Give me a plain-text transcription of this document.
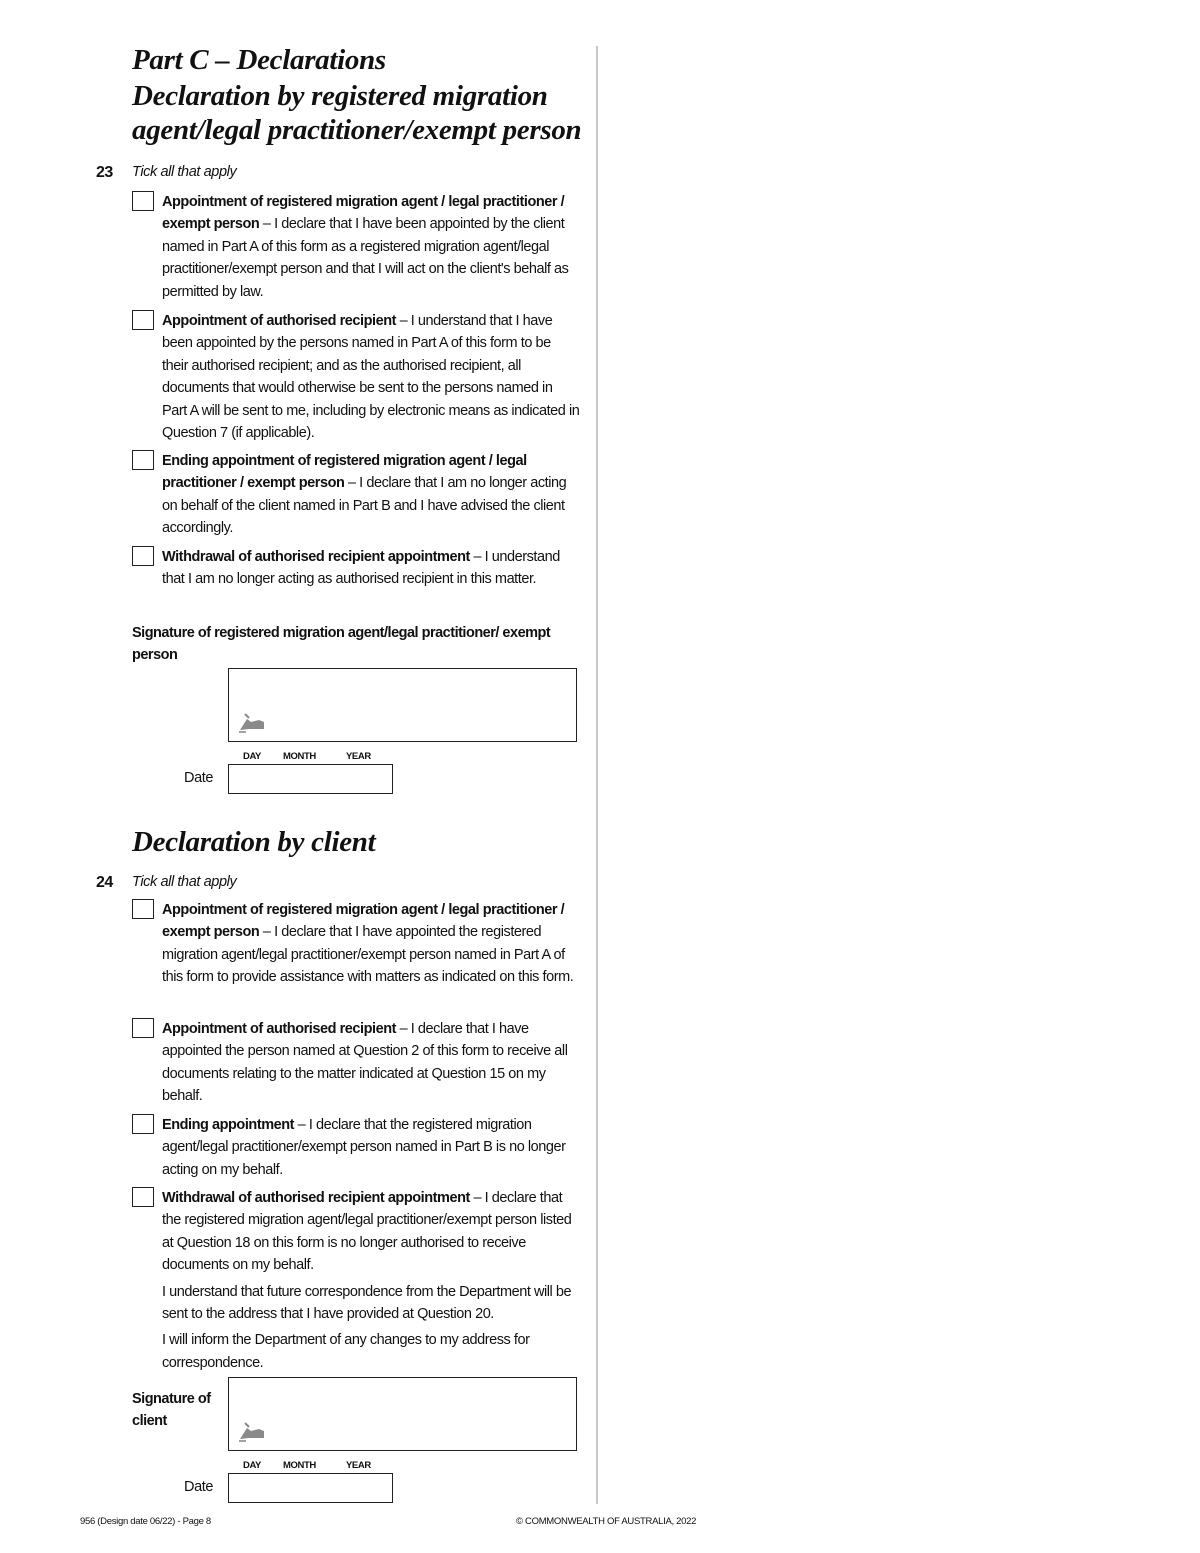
Part C – Declarations
Declaration by registered migration
agent/legal practitioner/exempt person
23 Tick all that apply
Appointment of registered migration agent / legal practitioner / exempt person – I declare that I have been appointed by the client named in Part A of this form as a registered migration agent/legal practitioner/exempt person and that I will act on the client's behalf as permitted by law.
Appointment of authorised recipient – I understand that I have been appointed by the persons named in Part A of this form to be their authorised recipient; and as the authorised recipient, all documents that would otherwise be sent to the persons named in Part A will be sent to me, including by electronic means as indicated in Question 7 (if applicable).
Ending appointment of registered migration agent / legal practitioner / exempt person – I declare that I am no longer acting on behalf of the client named in Part B and I have advised the client accordingly.
Withdrawal of authorised recipient appointment – I understand that I am no longer acting as authorised recipient in this matter.
Signature of registered migration agent/legal practitioner/ exempt person
DAY MONTH	YEAR
Date
Declaration by client
24 Tick all that apply
Appointment of registered migration agent / legal practitioner / exempt person – I declare that I have appointed the registered migration agent/legal practitioner/exempt person named in Part A of this form to provide assistance with matters as indicated on this form.
Appointment of authorised recipient – I declare that I have appointed the person named at Question 2 of this form to receive all documents relating to the matter indicated at Question 15 on my behalf.
Ending appointment – I declare that the registered migration agent/legal practitioner/exempt person named in Part B is no longer acting on my behalf.
Withdrawal of authorised recipient appointment – I declare that the registered migration agent/legal practitioner/exempt person listed at Question 18 on this form is no longer authorised to receive documents on my behalf.
I understand that future correspondence from the Department will be sent to the address that I have provided at Question 20.
I will inform the Department of any changes to my address for correspondence.
Signature of client
DAY MONTH	YEAR
Date
956 (Design date 06/22) - Page 8	© COMMONWEALTH OF AUSTRALIA, 2022
